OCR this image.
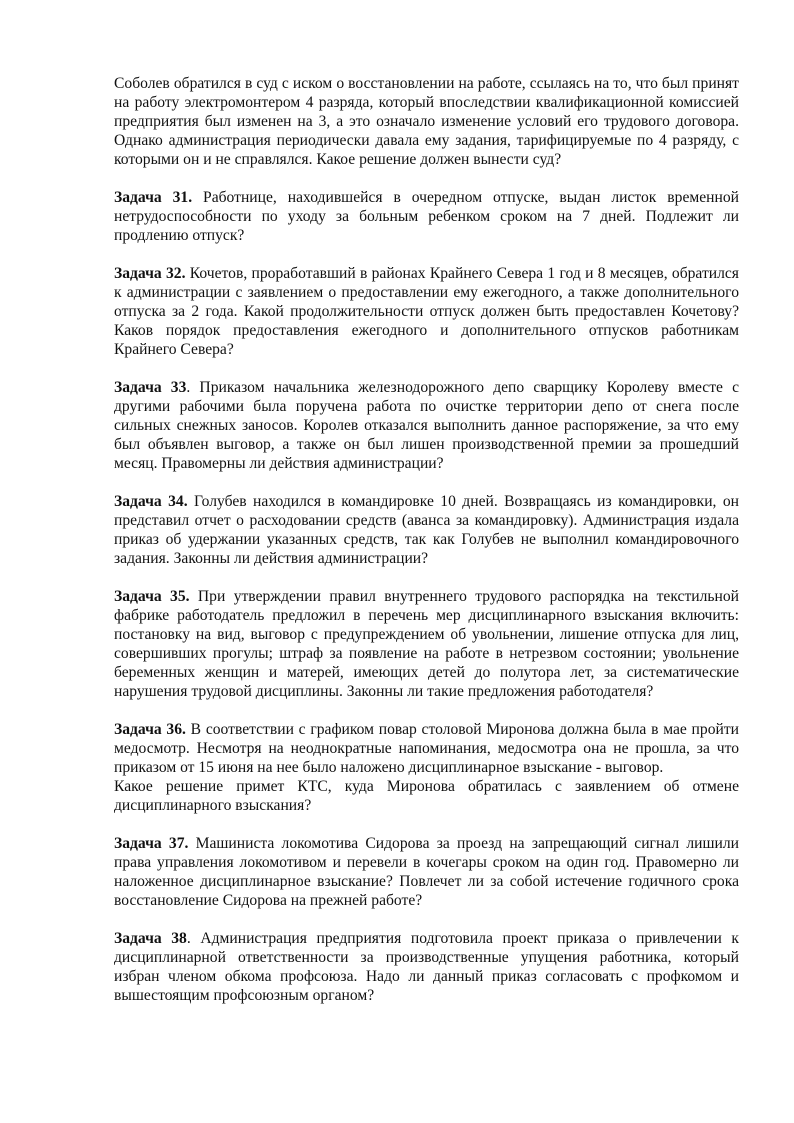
Соболев обратился в суд с иском о восстановлении на работе, ссылаясь на то, что был принят на работу электромонтером 4 разряда, который впоследствии квалификационной комиссией предприятия был изменен на 3, а это означало изменение условий его трудового договора. Однако администрация периодически давала ему задания, тарифицируемые по 4 разряду, с которыми он и не справлялся. Какое решение должен вынести суд?

Задача 31. Работнице, находившейся в очередном отпуске, выдан листок временной нетрудоспособности по уходу за больным ребенком сроком на 7 дней. Подлежит ли продлению отпуск?

Задача 32. Кочетов, проработавший в районах Крайнего Севера 1 год и 8 месяцев, обратился к администрации с заявлением о предоставлении ему ежегодного, а также дополнительного отпуска за 2 года. Какой продолжительности отпуск должен быть предоставлен Кочетову? Каков порядок предоставления ежегодного и дополнительного отпусков работникам Крайнего Севера?

Задача 33. Приказом начальника железнодорожного депо сварщику Королеву вместе с другими рабочими была поручена работа по очистке территории депо от снега после сильных снежных заносов. Королев отказался выполнить данное распоряжение, за что ему был объявлен выговор, а также он был лишен производственной премии за прошедший месяц. Правомерны ли действия администрации?

Задача 34. Голубев находился в командировке 10 дней. Возвращаясь из командировки, он представил отчет о расходовании средств (аванса за командировку). Администрация издала приказ об удержании указанных средств, так как Голубев не выполнил командировочного задания. Законны ли действия администрации?

Задача 35. При утверждении правил внутреннего трудового распорядка на текстильной фабрике работодатель предложил в перечень мер дисциплинарного взыскания включить: постановку на вид, выговор с предупреждением об увольнении, лишение отпуска для лиц, совершивших прогулы; штраф за появление на работе в нетрезвом состоянии; увольнение беременных женщин и матерей, имеющих детей до полутора лет, за систематические нарушения трудовой дисциплины. Законны ли такие предложения работодателя?

Задача 36. В соответствии с графиком повар столовой Миронова должна была в мае пройти медосмотр. Несмотря на неоднократные напоминания, медосмотра она не прошла, за что приказом от 15 июня на нее было наложено дисциплинарное взыскание - выговор.
Какое решение примет КТС, куда Миронова обратилась с заявлением об отмене дисциплинарного взыскания?

Задача 37. Машиниста локомотива Сидорова за проезд на запрещающий сигнал лишили права управления локомотивом и перевели в кочегары сроком на один год. Правомерно ли наложенное дисциплинарное взыскание? Повлечет ли за собой истечение годичного срока восстановление Сидорова на прежней работе?

Задача 38. Администрация предприятия подготовила проект приказа о привлечении к дисциплинарной ответственности за производственные упущения работника, который избран членом обкома профсоюза. Надо ли данный приказ согласовать с профкомом и вышестоящим профсоюзным органом?
